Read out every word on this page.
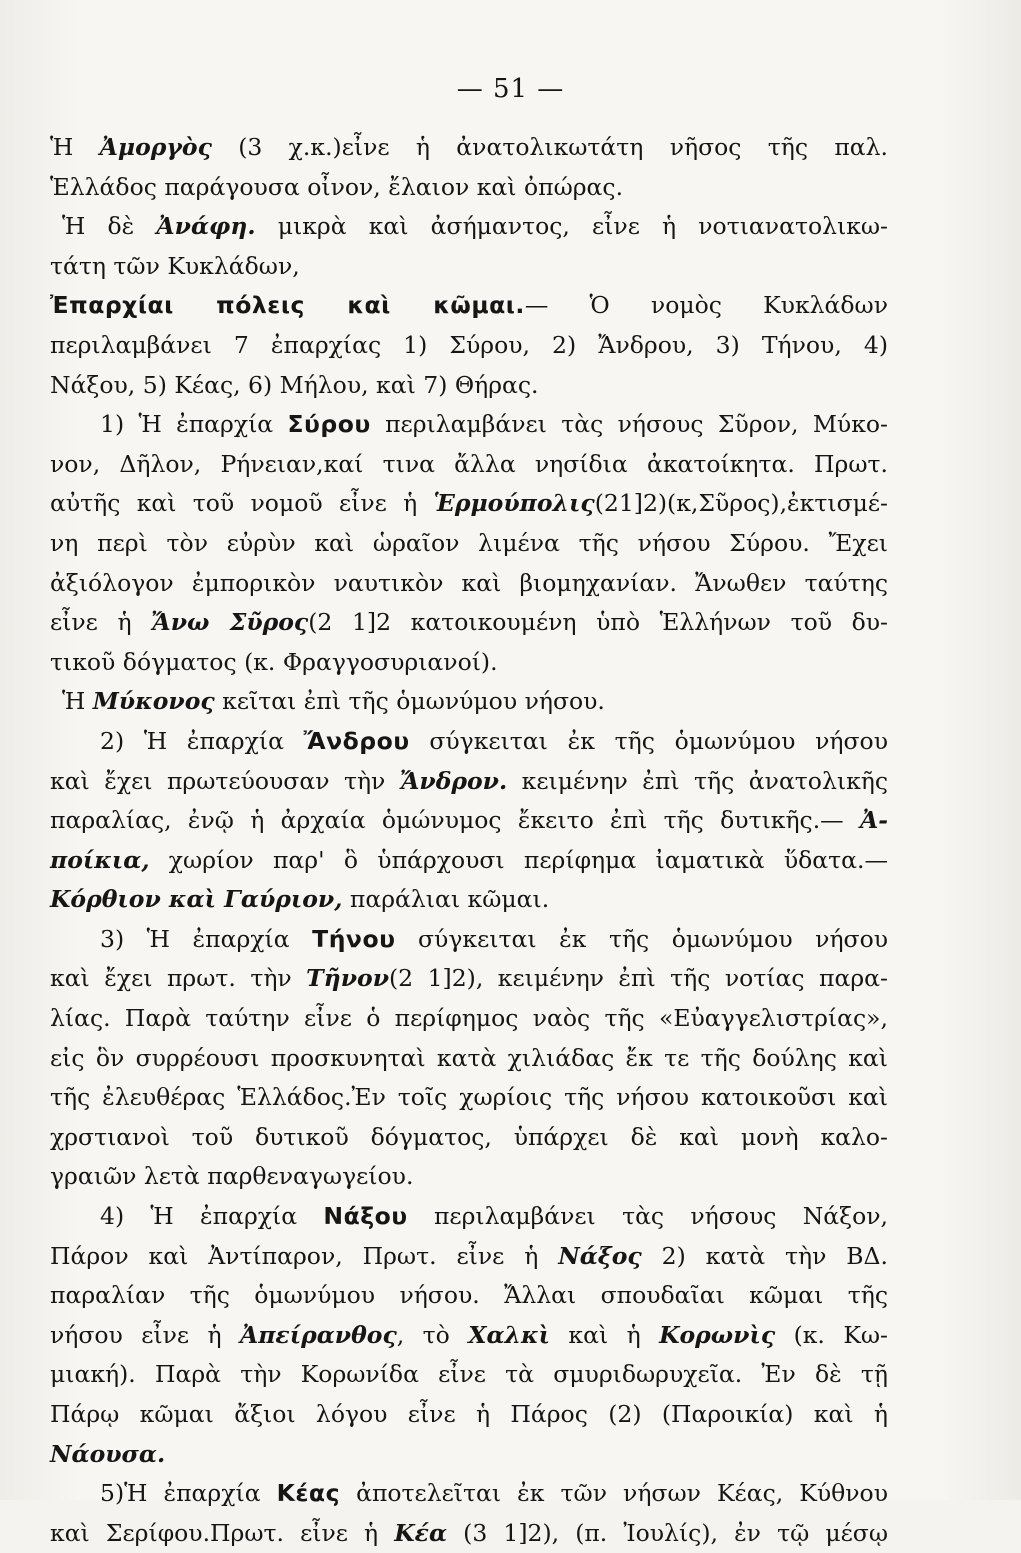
— 51 —
Ἡ Ἀμοργὸς (3 χ.κ.)εἶνε ἡ ἀνατολικωτάτη νῆσος τῆς παλ.
Ἑλλάδος παράγουσα οἶνον, ἔλαιον καὶ ὀπώρας.
Ἡ δὲ Ἀνάφη. μικρὰ καὶ ἀσήμαντος, εἶνε ἡ νοτιανατολικω-
τάτη τῶν Κυκλάδων,
Ἐπαρχίαι πόλεις καὶ κῶμαι.— Ὁ νομὸς Κυκλάδων
περιλαμβάνει 7 ἐπαρχίας 1) Σύρου, 2) Ἄνδρου, 3) Τήνου, 4)
Νάξου, 5) Κέας, 6) Μήλου, καὶ 7) Θήρας.
1) Ἡ ἐπαρχία Σύρου περιλαμβάνει τὰς νήσους Σῦρον, Μύκο-
νον, Δῆλον, Ρήνειαν,καί τινα ἄλλα νησίδια ἀκατοίκητα. Πρωτ.
αὐτῆς καὶ τοῦ νομοῦ εἶνε ἡ Ἑρμούπολις(21]2)(κ,Σῦρος),ἐκτισμέ-
νη περὶ τὸν εὐρὺν καὶ ὡραῖον λιμένα τῆς νήσου Σύρου. Ἔχει
ἀξιόλογον ἐμπορικὸν ναυτικὸν καὶ βιομηχανίαν. Ἄνωθεν ταύτης
εἶνε ἡ Ἄνω Σῦρος(2 1]2 κατοικουμένη ὑπὸ Ἑλλήνων τοῦ δυ-
τικοῦ δόγματος (κ. Φραγγοσυριανοί).
Ἡ Μύκονος κεῖται ἐπὶ τῆς ὁμωνύμου νήσου.
2) Ἡ ἐπαρχία Ἄνδρου σύγκειται ἐκ τῆς ὁμωνύμου νήσου
καὶ ἔχει πρωτεύουσαν τὴν Ἄνδρον. κειμένην ἐπὶ τῆς ἀνατολικῆς
παραλίας, ἐνῷ ἡ ἀρχαία ὁμώνυμος ἔκειτο ἐπὶ τῆς δυτικῆς.— Ἀ-
ποίκια, χωρίον παρ' ὃ ὑπάρχουσι περίφημα ἰαματικὰ ὕδατα.—
Κόρθιον καὶ Γαύριον, παράλιαι κῶμαι.
3) Ἡ ἐπαρχία Τήνου σύγκειται ἐκ τῆς ὁμωνύμου νήσου
καὶ ἔχει πρωτ. τὴν Τῆνον(2 1]2), κειμένην ἐπὶ τῆς νοτίας παρα-
λίας. Παρὰ ταύτην εἶνε ὁ περίφημος ναὸς τῆς «Εὐαγγελιστρίας»,
εἰς ὃν συρρέουσι προσκυνηταὶ κατὰ χιλιάδας ἔκ τε τῆς δούλης καὶ
τῆς ἐλευθέρας Ἑλλάδος.Ἐν τοῖς χωρίοις τῆς νήσου κατοικοῦσι καὶ
χρστιανοὶ τοῦ δυτικοῦ δόγματος, ὑπάρχει δὲ καὶ μονὴ καλο-
γραιῶν λετὰ παρθεναγωγείου.
4) Ἡ ἐπαρχία Νάξου περιλαμβάνει τὰς νήσους Νάξον,
Πάρον καὶ Ἀντίπαρον, Πρωτ. εἶνε ἡ Νάξος 2) κατὰ τὴν ΒΔ.
παραλίαν τῆς ὁμωνύμου νήσου. Ἄλλαι σπουδαῖαι κῶμαι τῆς
νήσου εἶνε ἡ Ἀπείρανθος, τὸ Χαλκὶ καὶ ἡ Κορωνὶς (κ. Κω-
μιακή). Παρὰ τὴν Κορωνίδα εἶνε τὰ σμυριδωρυχεῖα. Ἐν δὲ τῇ
Πάρῳ κῶμαι ἄξιοι λόγου εἶνε ἡ Πάρος (2) (Παροικία) καὶ ἡ
Νάουσα.
5)Ἡ ἐπαρχία Κέας ἀποτελεῖται ἐκ τῶν νήσων Κέας, Κύθνου
καὶ Σερίφου.Πρωτ. εἶνε ἡ Κέα (3 1]2), (π. Ἰουλίς), ἐν τῷ μέσῳ
